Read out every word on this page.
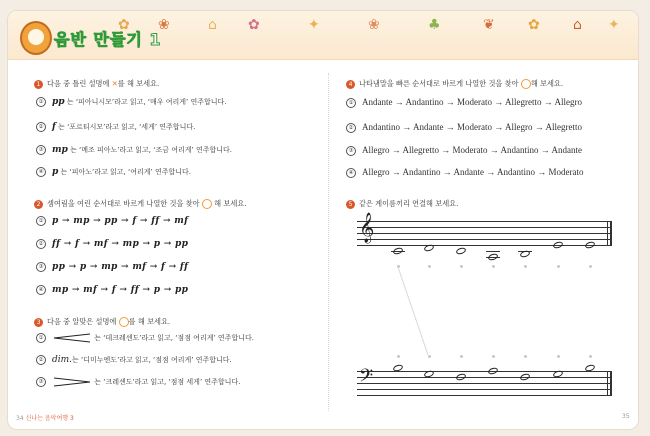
음반 만들기 1
✿ ❀	⌂ ✿	✦	❀	♣	❦ ✿ ⌂ ✦
1 다음 중 틀린 설명에 ✕를 해 보세요.
① pp 는 ‘피아니시모’라고 읽고, ‘매우 여리게’ 연주합니다.
② f 는 ‘포르티시모’라고 읽고, ‘세게’ 연주합니다.
③ mp 는 ‘메조 피아노’라고 읽고, ‘조금 여리게’ 연주합니다.
④ p 는 ‘피아노’라고 읽고, ‘여리게’ 연주합니다.
2 셈여림을 여린 순서대로 바르게 나열한 것을 찾아 ○ 해 보세요.
① p → mp → pp → f → ff → mf
② ff → f → mf → mp → p → pp
③ pp → p → mp → mf → f → ff
④ mp → mf → f → ff → p → pp
3 다음 중 알맞은 설명에 ○를 해 보세요.
①	는 ‘데크레센도’라고 읽고, ‘점점 여리게’ 연주합니다.
② dim.는 ‘디미누엔도’라고 읽고, ‘점점 여리게’ 연주합니다.
③	는 ‘크레센도’라고 읽고, ‘점점 세게’ 연주합니다.
34 신나는 음악여행 3
4 나타냄말을 빠른 순서대로 바르게 나열한 것을 찾아 ○해 보세요.
① Andante → Andantino → Moderato → Allegretto → Allegro
② Andantino → Andante → Moderato → Allegro → Allegretto
③ Allegro → Allegretto → Moderato → Andantino → Andante
④ Allegro → Andantino → Andante → Andantino → Moderato
5 같은 계이름끼리 연결해 보세요.
𝄞
𝄢
35
